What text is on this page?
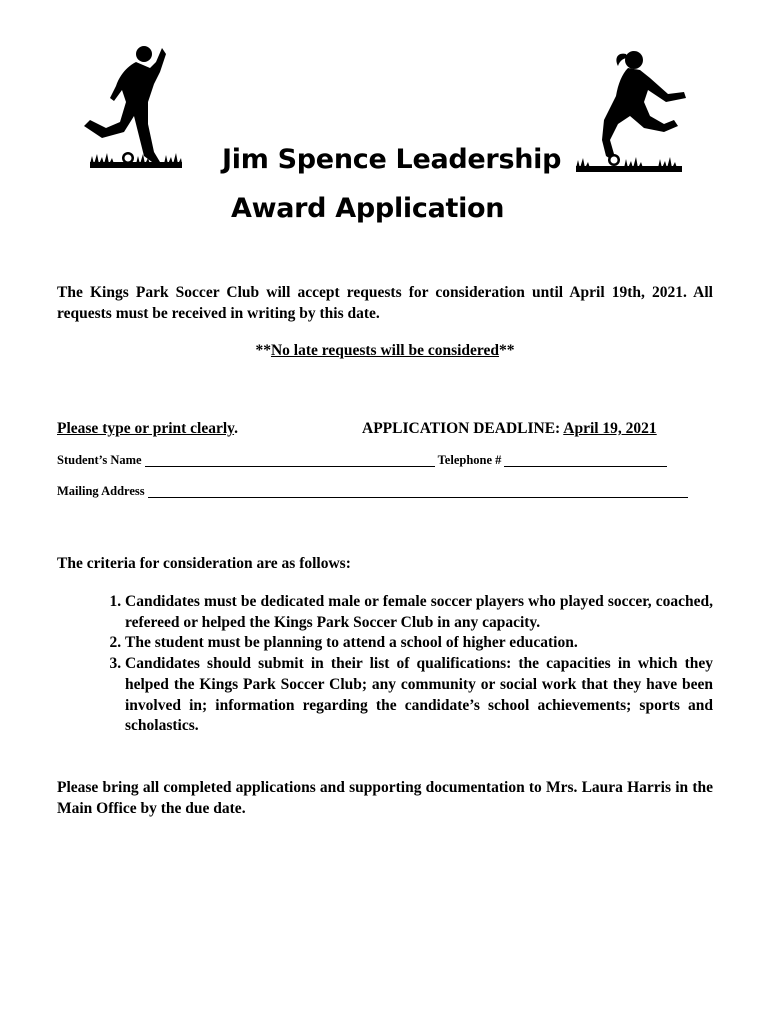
Jim Spence Leadership
Award Application
The Kings Park Soccer Club will accept requests for consideration until April 19th, 2021. All requests must be received in writing by this date.
**No late requests will be considered**
Please type or print clearly.	APPLICATION DEADLINE: April 19, 2021
Student’s Name	Telephone #
Mailing Address
The criteria for consideration are as follows:
1. Candidates must be dedicated male or female soccer players who played soccer, coached, refereed or helped the Kings Park Soccer Club in any capacity.
2. The student must be planning to attend a school of higher education.
3. Candidates should submit in their list of qualifications: the capacities in which they helped the Kings Park Soccer Club; any community or social work that they have been involved in; information regarding the candidate’s school achievements; sports and scholastics.
Please bring all completed applications and supporting documentation to Mrs. Laura Harris in the Main Office by the due date.
